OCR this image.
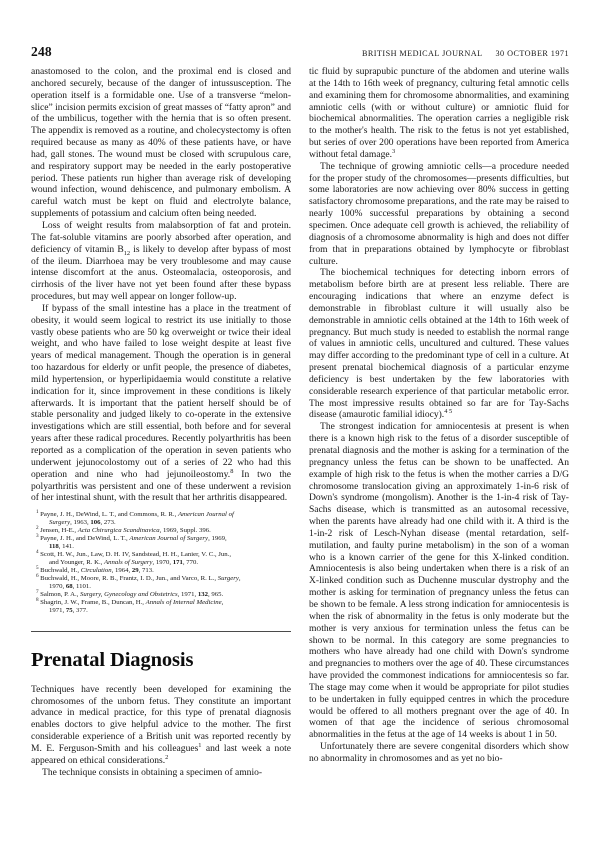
248	BRITISH MEDICAL JOURNAL 30 OCTOBER 1971

anastomosed to the colon, and the proximal end is closed and anchored securely, because of the danger of intussusception. The operation itself is a formidable one. Use of a transverse “melon-slice” incision permits excision of great masses of “fatty apron” and of the umbilicus, together with the hernia that is so often present. The appendix is removed as a routine, and cholecystectomy is often required because as many as 40% of these patients have, or have had, gall stones. The wound must be closed with scrupulous care, and respiratory support may be needed in the early postoperative period. These patients run higher than average risk of developing wound infection, wound dehiscence, and pulmonary embolism. A careful watch must be kept on fluid and electrolyte balance, supplements of potassium and calcium often being needed.

Loss of weight results from malabsorption of fat and protein. The fat-soluble vitamins are poorly absorbed after operation, and deficiency of vitamin $B_{12}$ is likely to develop after bypass of most of the ileum. Diarrhoea may be very troublesome and may cause intense discomfort at the anus. Osteomalacia, osteoporosis, and cirrhosis of the liver have not yet been found after these bypass procedures, but may well appear on longer follow-up.

If bypass of the small intestine has a place in the treatment of obesity, it would seem logical to restrict its use initially to those vastly obese patients who are 50 kg overweight or twice their ideal weight, and who have failed to lose weight despite at least five years of medical management. Though the operation is in general too hazardous for elderly or unfit people, the presence of diabetes, mild hypertension, or hyperlipidaemia would constitute a relative indication for it, since improvement in these conditions is likely afterwards. It is important that the patient herself should be of stable personality and judged likely to co-operate in the extensive investigations which are still essential, both before and for several years after these radical procedures. Recently polyarthritis has been reported as a complication of the operation in seven patients who underwent jejunocolostomy out of a series of 22 who had this operation and nine who had jejunoileostomy.$^8$ In two the polyarthritis was persistent and one of these underwent a revision of her intestinal shunt, with the result that her arthritis disappeared.

$^1$ Payne, J. H., DeWind, L. T., and Commons, R. R., American Journal of
Surgery, 1963, 106, 273.
$^2$ Jensen, H-E., Acta Chirurgica Scandinavica, 1969, Suppl. 396.
$^3$ Payne, J. H., and DeWind, L. T., American Journal of Surgery, 1969,
118, 141.
$^4$ Scott, H. W., Jun., Law, D. H. IV, Sandstead, H. H., Lanier, V. C., Jun.,
and Younger, R. K., Annals of Surgery, 1970, 171, 770.
$^5$ Buchwald, H., Circulation, 1964, 29, 713.
$^6$ Buchwald, H., Moore, R. B., Frantz, I. D., Jun., and Varco, R. L., Surgery,
1970, 68, 1101.
$^7$ Salmon, P. A., Surgery, Gynecology and Obstetrics, 1971, 132, 965.
$^8$ Shagrin, J. W., Frame, B., Duncan, H., Annals of Internal Medicine,
1971, 75, 377.
Prenatal Diagnosis

Techniques have recently been developed for examining the chromosomes of the unborn fetus. They constitute an important advance in medical practice, for this type of prenatal diagnosis enables doctors to give helpful advice to the mother. The first considerable experience of a British unit was reported recently by M. E. Ferguson-Smith and his colleagues$^1$ and last week a note appeared on ethical considerations.$^2$

The technique consists in obtaining a specimen of amnio-

tic fluid by suprapubic puncture of the abdomen and uterine walls at the 14th to 16th week of pregnancy, culturing fetal amnotic cells and examining them for chromosome abnormalities, and examining amniotic cells (with or without culture) or amniotic fluid for biochemical abnormalities. The operation carries a negligible risk to the mother's health. The risk to the fetus is not yet established, but series of over 200 operations have been reported from America without fetal damage.$^3$

The technique of growing amniotic cells—a procedure needed for the proper study of the chromosomes—presents difficulties, but some laboratories are now achieving over 80% success in getting satisfactory chromosome preparations, and the rate may be raised to nearly 100% successful preparations by obtaining a second specimen. Once adequate cell growth is achieved, the reliability of diagnosis of a chromosome abnormality is high and does not differ from that in preparations obtained by lymphocyte or fibroblast culture.

The biochemical techniques for detecting inborn errors of metabolism before birth are at present less reliable. There are encouraging indications that where an enzyme defect is demonstrable in fibroblast culture it will usually also be demonstrable in amniotic cells obtained at the 14th to 16th week of pregnancy. But much study is needed to establish the normal range of values in amniotic cells, uncultured and cultured. These values may differ according to the predominant type of cell in a culture. At present prenatal biochemical diagnosis of a particular enzyme deficiency is best undertaken by the few laboratories with considerable research experience of that particular metabolic error. The most impressive results obtained so far are for Tay-Sachs disease (amaurotic familial idiocy).$^{4 5}$

The strongest indication for amniocentesis at present is when there is a known high risk to the fetus of a disorder susceptible of prenatal diagnosis and the mother is asking for a termination of the pregnancy unless the fetus can be shown to be unaffected. An example of high risk to the fetus is when the mother carries a D/G chromosome translocation giving an approximately 1-in-6 risk of Down's syndrome (mongolism). Another is the 1-in-4 risk of Tay-Sachs disease, which is transmitted as an autosomal recessive, when the parents have already had one child with it. A third is the 1-in-2 risk of Lesch-Nyhan disease (mental retardation, self-mutilation, and faulty purine metabolism) in the son of a woman who is a known carrier of the gene for this X-linked condition. Amniocentesis is also being undertaken when there is a risk of an X-linked condition such as Duchenne muscular dystrophy and the mother is asking for termination of pregnancy unless the fetus can be shown to be female. A less strong indication for amniocentesis is when the risk of abnormality in the fetus is only moderate but the mother is very anxious for termination unless the fetus can be shown to be normal. In this category are some pregnancies to mothers who have already had one child with Down's syndrome and pregnancies to mothers over the age of 40. These circumstances have provided the commonest indications for amniocentesis so far. The stage may come when it would be appropriate for pilot studies to be undertaken in fully equipped centres in which the procedure would be offered to all mothers pregnant over the age of 40. In women of that age the incidence of serious chromosomal abnormalities in the fetus at the age of 14 weeks is about 1 in 50.

Unfortunately there are severe congenital disorders which show no abnormality in chromosomes and as yet no bio-
